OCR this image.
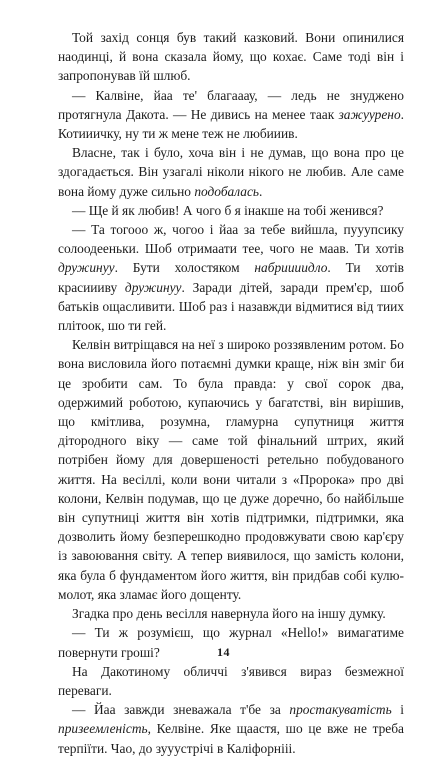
Той захід сонця був такий казковий. Вони опинилися наодинці, й вона сказала йому, що кохає. Саме тоді він і запропонував їй шлюб.

— Калвіне, йаа те' благааау, — ледь не знуджено протягнула Дакота. — Не дивись на менее таак зажуурено. Котииичку, ну ти ж мене теж не любииив.

Власне, так і було, хоча він і не думав, що вона про це здогадається. Він узагалі ніколи нікого не любив. Але саме вона йому дуже сильно подобалась.

— Ще й як любив! А чого б я інакше на тобі женився?

— Та тогооо ж, чогоо і йаа за тебе вийшла, пууупсику солоодееньки. Шоб отримаати тее, чого не маав. Ти хотів дружинуу. Бути холостяком набриииидло. Ти хотів красиииву дружинуу. Заради дітей, заради прем'єр, шоб батьків ощасливити. Шоб раз і назавжди відмитися від тиих плітоок, шо ти гей.

Келвін витріщався на неї з широко роззявленим ротом. Бо вона висловила його потаємні думки краще, ніж він зміг би це зробити сам. То була правда: у свої сорок два, одержимий роботою, купаючись у багатстві, він вирішив, що кмітлива, розумна, гламурна супутниця життя дітородного віку — саме той фінальний штрих, який потрібен йому для довершеності ретельно побудованого життя. На весіллі, коли вони читали з «Пророка» про дві колони, Келвін подумав, що це дуже доречно, бо найбільше він супутниці життя він хотів підтримки, підтримки, яка дозволить йому безперешкодно продовжувати свою кар'єру із завоювання світу. А тепер виявилося, що замість колони, яка була б фундаментом його життя, він придбав собі кулю-молот, яка зламає його дощенту.

Згадка про день весілля навернула його на іншу думку.

— Ти ж розумієш, що журнал «Hello!» вимагатиме повернути гроші?

На Дакотиному обличчі з'явився вираз безмежної переваги.

— Йаа завжди зневажала т'бе за простакуватість і призеемленість, Келвіне. Яке щаастя, шо це вже не треба терпіїти. Чао, до зууустрічі в Каліфорнііі.

14
